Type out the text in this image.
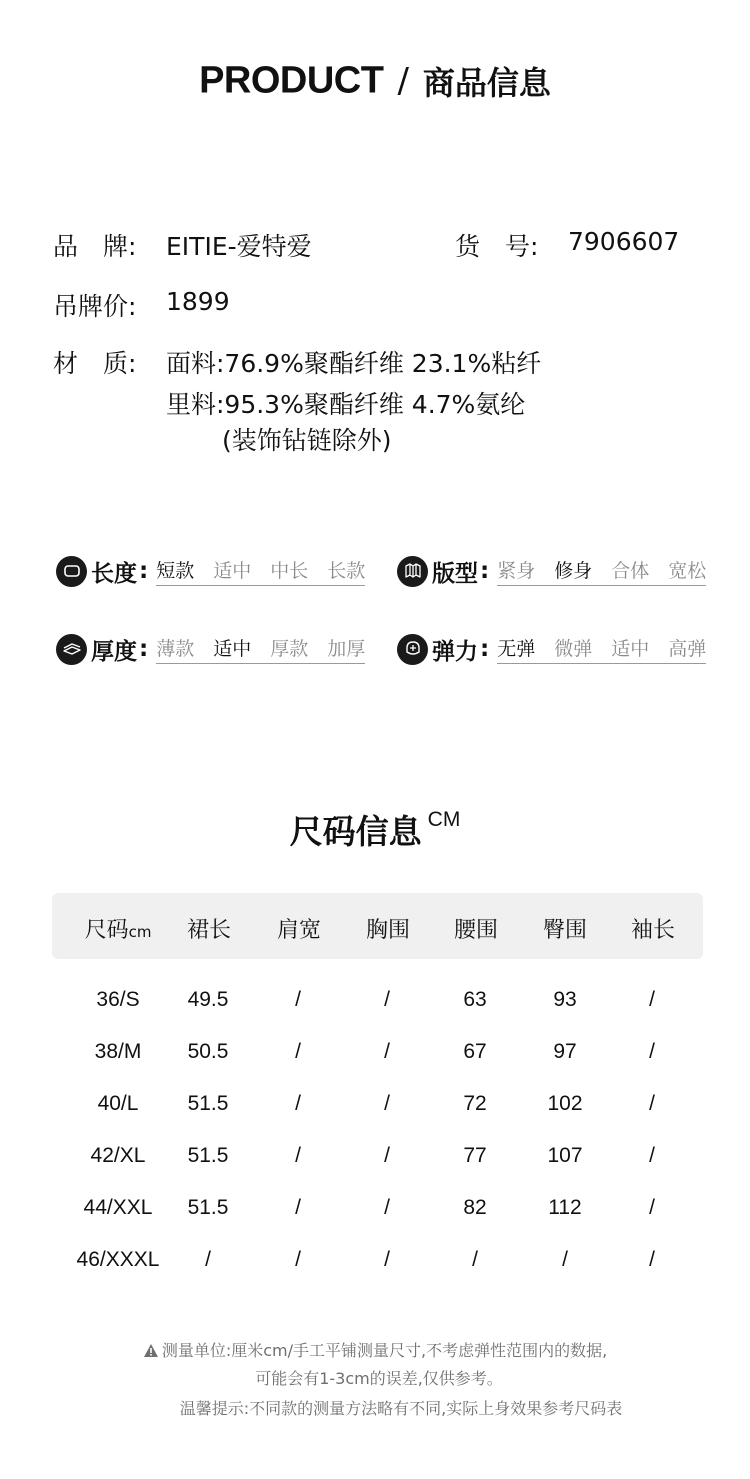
PRODUCT / 商品信息
品 牌: EITIE-爱特爱	货 号: 7906607
吊牌价: 1899
材 质: 面料:76.9%聚酯纤维 23.1%粘纤
里料:95.3%聚酯纤维 4.7%氨纶
(装饰钻链除外)
长度 : 短款 适中 中长 长款	版型 : 紧身 修身 合体 宽松
厚度 : 薄款 适中 厚款 加厚	弹力 : 无弹 微弹 适中 高弹
尺码信息 CM
尺码cm	裙长	肩宽	胸围	腰围	臀围	袖长
36/S	49.5	/	/	63	93	/
38/M	50.5	/	/	67	97	/
40/L	51.5	/	/	72	102	/
42/XL	51.5	/	/	77	107	/
44/XXL	51.5	/	/	82	112	/
46/XXXL	/	/	/	/	/	/
测量单位:厘米cm/手工平铺测量尺寸,不考虑弹性范围内的数据,
可能会有1-3cm的误差,仅供参考。
温馨提示:不同款的测量方法略有不同,实际上身效果参考尺码表
